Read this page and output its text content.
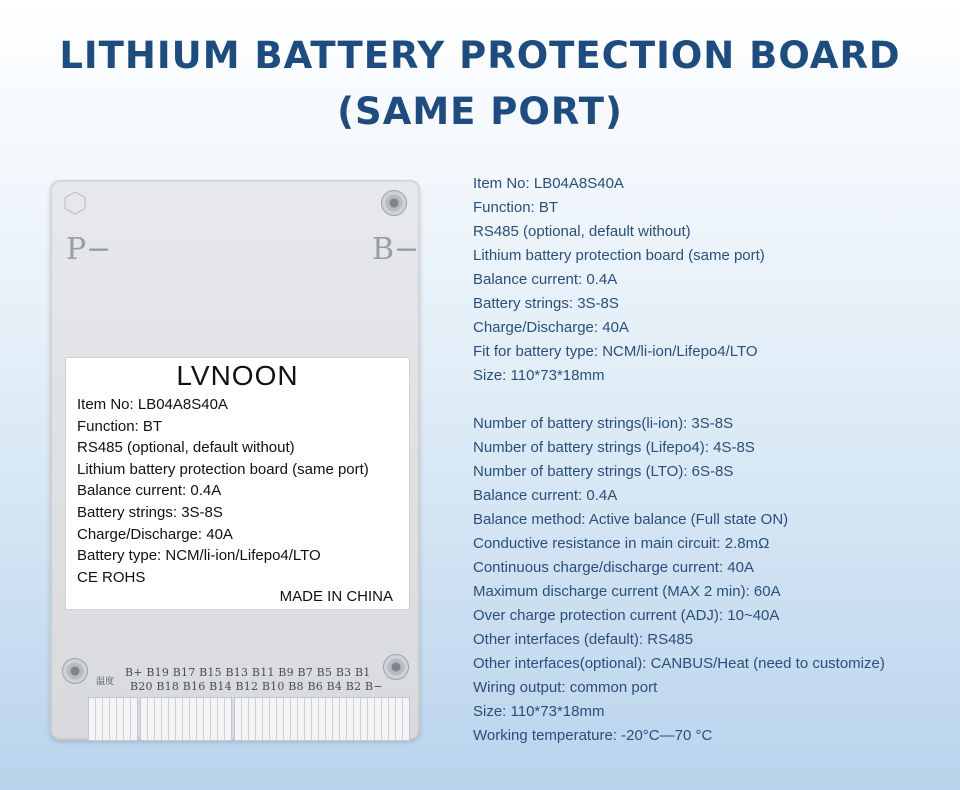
LITHIUM BATTERY PROTECTION BOARD
(SAME PORT)
P−	B−
LVNOON
Item No: LB04A8S40A
Function: BT
RS485 (optional, default without)
Lithium battery protection board (same port)
Balance current: 0.4A
Battery strings: 3S-8S
Charge/Discharge: 40A
Battery type: NCM/li-ion/Lifepo4/LTO
CE ROHS
MADE IN CHINA
温度
B+ B19 B17 B15 B13 B11 B9 B7 B5 B3 B1
B20 B18 B16 B14 B12 B10 B8 B6 B4 B2 B−
Item No: LB04A8S40A
Function: BT
RS485 (optional, default without)
Lithium battery protection board (same port)
Balance current: 0.4A
Battery strings: 3S-8S
Charge/Discharge: 40A
Fit for battery type: NCM/li-ion/Lifepo4/LTO
Size: 110*73*18mm
Number of battery strings(li-ion): 3S-8S
Number of battery strings (Lifepo4): 4S-8S
Number of battery strings (LTO): 6S-8S
Balance current: 0.4A
Balance method: Active balance (Full state ON)
Conductive resistance in main circuit: 2.8mΩ
Continuous charge/discharge current: 40A
Maximum discharge current (MAX 2 min): 60A
Over charge protection current (ADJ): 10~40A
Other interfaces (default): RS485
Other interfaces(optional): CANBUS/Heat (need to customize)
Wiring output: common port
Size: 110*73*18mm
Working temperature: -20°C—70 °C
